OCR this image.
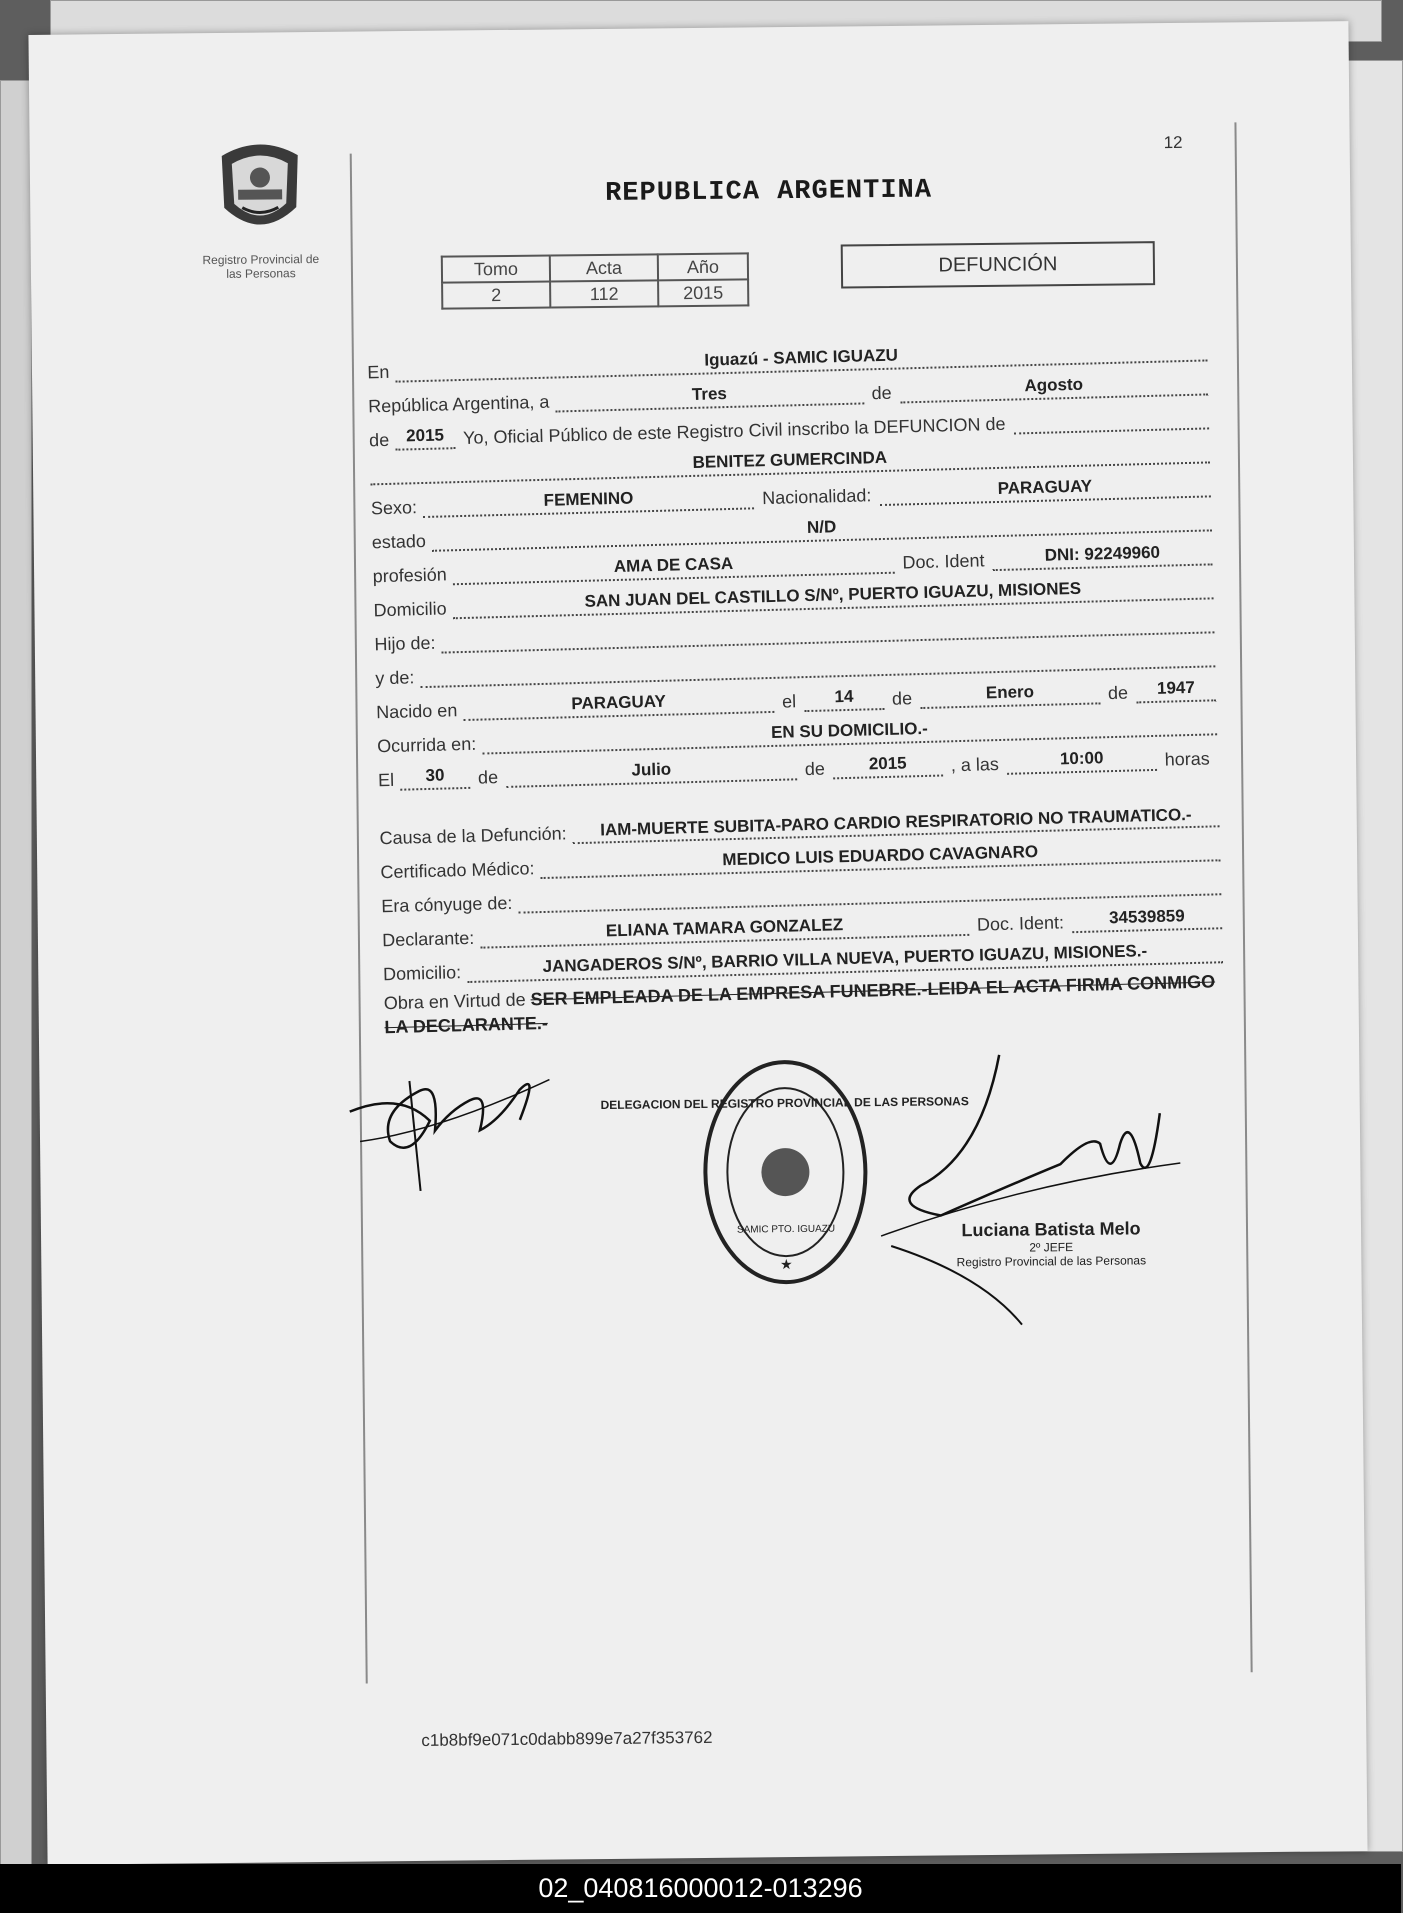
12
Registro Provincial de
las Personas
REPUBLICA ARGENTINA
Tomo	Acta	Año
2	112	2015
DEFUNCIÓN
En
Iguazú - SAMIC IGUAZU
República Argentina, a	Tres	de	Agosto
de 2015	Yo, Oficial Público de este Registro Civil inscribo la DEFUNCION de
BENITEZ GUMERCINDA
Sexo:	FEMENINO	Nacionalidad:	PARAGUAY
estado
N/D
profesión	AMA DE CASA	Doc. Ident	DNI: 92249960
Domicilio	SAN JUAN DEL CASTILLO S/Nº, PUERTO IGUAZU, MISIONES
Hijo de:
y de:
Nacido en	PARAGUAY	el	14	de	Enero	de	1947
Ocurrida en:
EN SU DOMICILIO.-
El	30	de	Julio	de	2015	, a las	10:00	horas
Causa de la Defunción:	IAM-MUERTE SUBITA-PARO CARDIO RESPIRATORIO NO TRAUMATICO.-
Certificado Médico:
MEDICO LUIS EDUARDO CAVAGNARO
Era cónyuge de:
Declarante:	ELIANA TAMARA GONZALEZ	Doc. Ident:	34539859
Domicilio:	JANGADEROS S/Nº, BARRIO VILLA NUEVA, PUERTO IGUAZU, MISIONES.-
Obra en Virtud de SER EMPLEADA DE LA EMPRESA FUNEBRE.-LEIDA EL ACTA FIRMA CONMIGO LA DECLARANTE.-
DELEGACION DEL REGISTRO PROVINCIAL DE LAS PERSONAS
SAMIC PTO. IGUAZU
★
Luciana Batista Melo
2º JEFE
Registro Provincial de las Personas
c1b8bf9e071c0dabb899e7a27f353762
02_040816000012-013296
